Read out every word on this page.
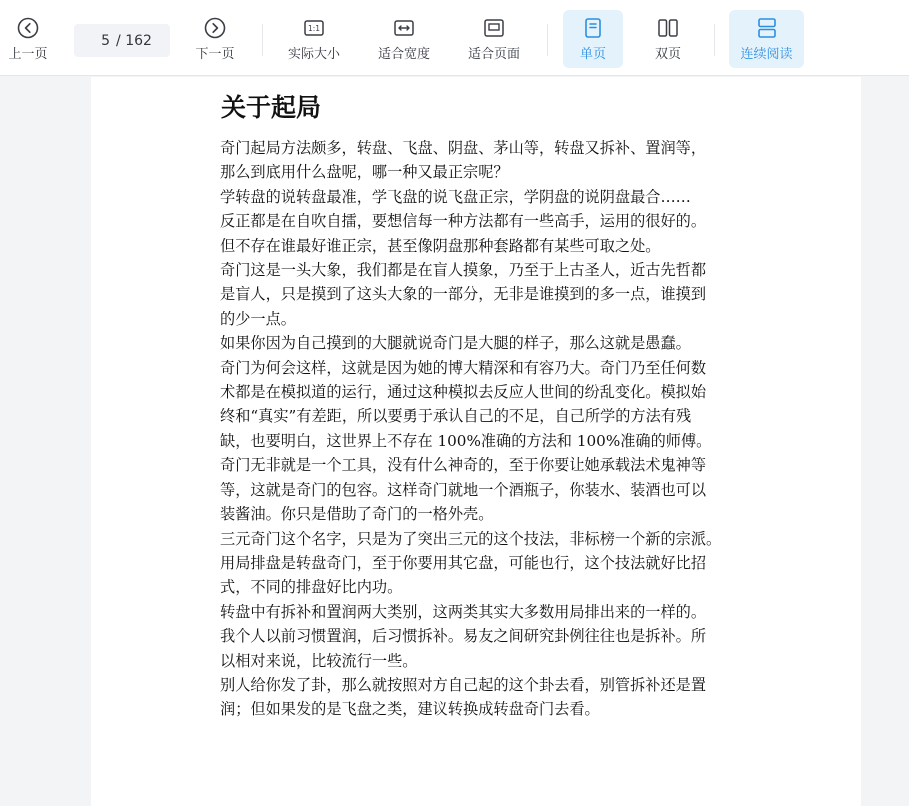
上一页
5
/ 162
下一页
1:1
实际大小	适合宽度	适合页面	单页	双页	连续阅读
关于起局

奇门起局方法颇多，转盘、飞盘、阴盘、茅山等，转盘又拆补、置润等，

那么到底用什么盘呢，哪一种又最正宗呢？

学转盘的说转盘最准，学飞盘的说飞盘正宗，学阴盘的说阴盘最合……

反正都是在自吹自擂，要想信每一种方法都有一些高手，运用的很好的。

但不存在谁最好谁正宗，甚至像阴盘那种套路都有某些可取之处。

奇门这是一头大象，我们都是在盲人摸象，乃至于上古圣人，近古先哲都

是盲人，只是摸到了这头大象的一部分，无非是谁摸到的多一点，谁摸到

的少一点。

如果你因为自己摸到的大腿就说奇门是大腿的样子，那么这就是愚蠢。

奇门为何会这样，这就是因为她的博大精深和有容乃大。奇门乃至任何数

术都是在模拟道的运行，通过这种模拟去反应人世间的纷乱变化。模拟始

终和“真实”有差距，所以要勇于承认自己的不足，自己所学的方法有残

缺，也要明白，这世界上不存在 100%准确的方法和 100%准确的师傅。

奇门无非就是一个工具，没有什么神奇的，至于你要让她承载法术鬼神等

等，这就是奇门的包容。这样奇门就地一个酒瓶子，你装水、装酒也可以

装酱油。你只是借助了奇门的一格外壳。

三元奇门这个名字，只是为了突出三元的这个技法，非标榜一个新的宗派。

用局排盘是转盘奇门，至于你要用其它盘，可能也行，这个技法就好比招

式，不同的排盘好比内功。

转盘中有拆补和置润两大类别，这两类其实大多数用局排出来的一样的。

我个人以前习惯置润，后习惯拆补。易友之间研究卦例往往也是拆补。所

以相对来说，比较流行一些。

别人给你发了卦，那么就按照对方自己起的这个卦去看，别管拆补还是置

润；但如果发的是飞盘之类，建议转换成转盘奇门去看。
